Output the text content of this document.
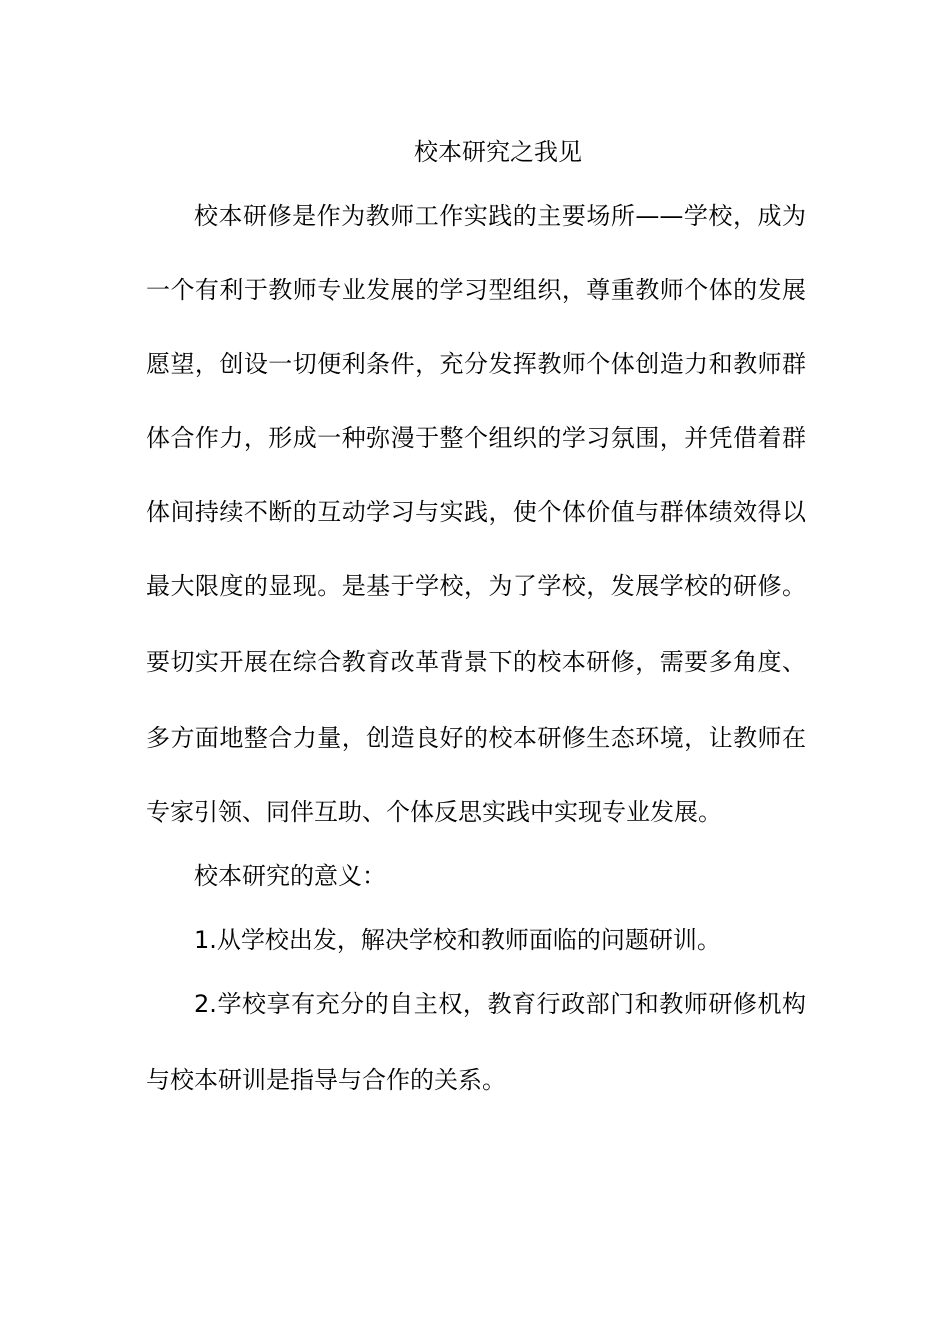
校本研究之我见
校本研修是作为教师工作实践的主要场所——学校，成为
一个有利于教师专业发展的学习型组织，尊重教师个体的发展
愿望，创设一切便利条件，充分发挥教师个体创造力和教师群
体合作力，形成一种弥漫于整个组织的学习氛围，并凭借着群
体间持续不断的互动学习与实践，使个体价值与群体绩效得以
最大限度的显现。是基于学校，为了学校，发展学校的研修。
要切实开展在综合教育改革背景下的校本研修，需要多角度、
多方面地整合力量，创造良好的校本研修生态环境，让教师在
专家引领、同伴互助、个体反思实践中实现专业发展。
校本研究的意义：
1.从学校出发，解决学校和教师面临的问题研训。
2.学校享有充分的自主权，教育行政部门和教师研修机构
与校本研训是指导与合作的关系。
